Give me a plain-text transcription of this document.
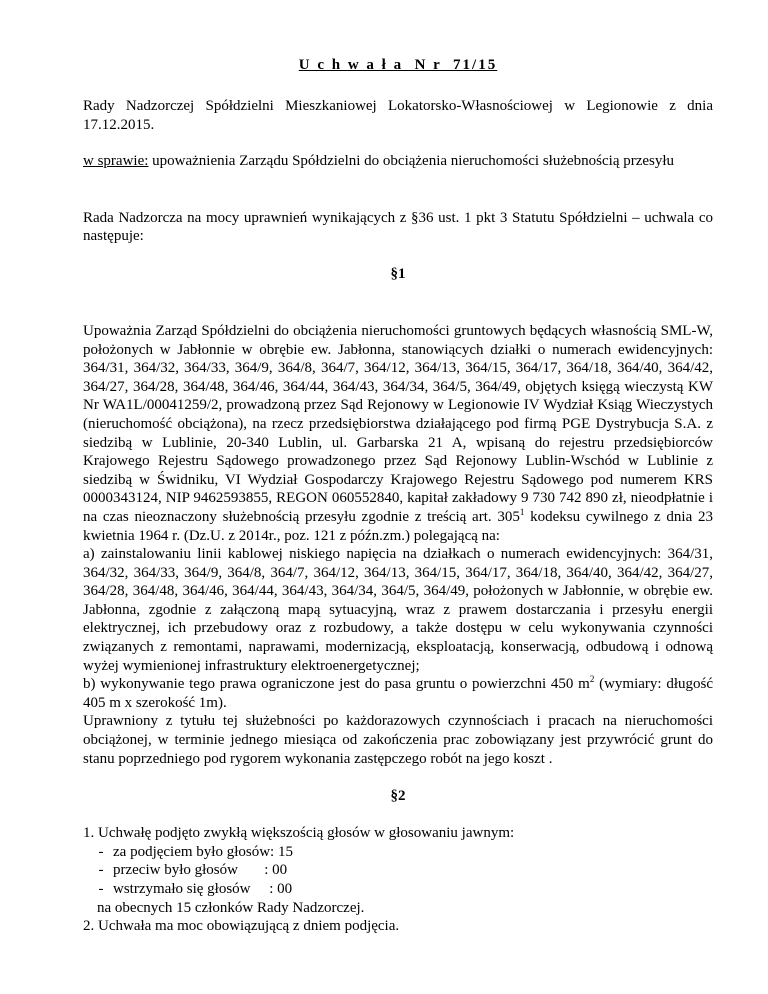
U c h w a ł a  N r  71/15

Rady Nadzorczej Spółdzielni Mieszkaniowej Lokatorsko-Własnościowej w Legionowie z dnia 17.12.2015.

w sprawie: upoważnienia Zarządu Spółdzielni do obciążenia nieruchomości służebnością przesyłu

Rada Nadzorcza na mocy uprawnień wynikających z §36 ust. 1 pkt 3 Statutu Spółdzielni – uchwala co następuje:

§1

Upoważnia Zarząd Spółdzielni do obciążenia nieruchomości gruntowych będących własnością SML-W, położonych w Jabłonnie w obrębie ew. Jabłonna, stanowiących działki o numerach ewidencyjnych: 364/31, 364/32, 364/33, 364/9, 364/8, 364/7, 364/12, 364/13, 364/15, 364/17, 364/18, 364/40, 364/42, 364/27, 364/28, 364/48, 364/46, 364/44, 364/43, 364/34, 364/5, 364/49, objętych księgą wieczystą KW Nr WA1L/00041259/2, prowadzoną przez Sąd Rejonowy w Legionowie IV Wydział Ksiąg Wieczystych (nieruchomość obciążona), na rzecz przedsiębiorstwa działającego pod firmą PGE Dystrybucja S.A. z siedzibą w Lublinie, 20-340 Lublin, ul. Garbarska 21 A, wpisaną do rejestru przedsiębiorców Krajowego Rejestru Sądowego prowadzonego przez Sąd Rejonowy Lublin-Wschód w Lublinie z siedzibą w Świdniku, VI Wydział Gospodarczy Krajowego Rejestru Sądowego pod numerem KRS 0000343124, NIP 9462593855, REGON 060552840, kapitał zakładowy 9 730 742 890 zł, nieodpłatnie i na czas nieoznaczony służebnością przesyłu zgodnie z treścią art. $305^1$ kodeksu cywilnego z dnia 23 kwietnia 1964 r. (Dz.U. z 2014r., poz. 121 z późn.zm.) polegającą na:

a) zainstalowaniu linii kablowej niskiego napięcia na działkach o numerach ewidencyjnych: 364/31, 364/32, 364/33, 364/9, 364/8, 364/7, 364/12, 364/13, 364/15, 364/17, 364/18, 364/40, 364/42, 364/27, 364/28, 364/48, 364/46, 364/44, 364/43, 364/34, 364/5, 364/49, położonych w Jabłonnie, w obrębie ew. Jabłonna, zgodnie z załączoną mapą sytuacyjną, wraz z prawem dostarczania i przesyłu energii elektrycznej, ich przebudowy oraz z rozbudowy, a także dostępu w celu wykonywania czynności związanych z remontami, naprawami, modernizacją, eksploatacją, konserwacją, odbudową i odnową wyżej wymienionej infrastruktury elektroenergetycznej;

b) wykonywanie tego prawa ograniczone jest do pasa gruntu o powierzchni 450 $m^2$ (wymiary: długość 405 m x szerokość 1m).

Uprawniony z tytułu tej służebności po każdorazowych czynnościach i pracach na nieruchomości obciążonej, w terminie jednego miesiąca od zakończenia prac zobowiązany jest przywrócić grunt do stanu poprzedniego pod rygorem wykonania zastępczego robót na jego koszt .

§2

1. Uchwałę podjęto zwykłą większością głosów w głosowaniu jawnym:

- za podjęciem było głosów: 15
- przeciw było głosów       : 00
- wstrzymało się głosów     : 00

na obecnych 15 członków Rady Nadzorczej.

2. Uchwała ma moc obowiązującą z dniem podjęcia.
